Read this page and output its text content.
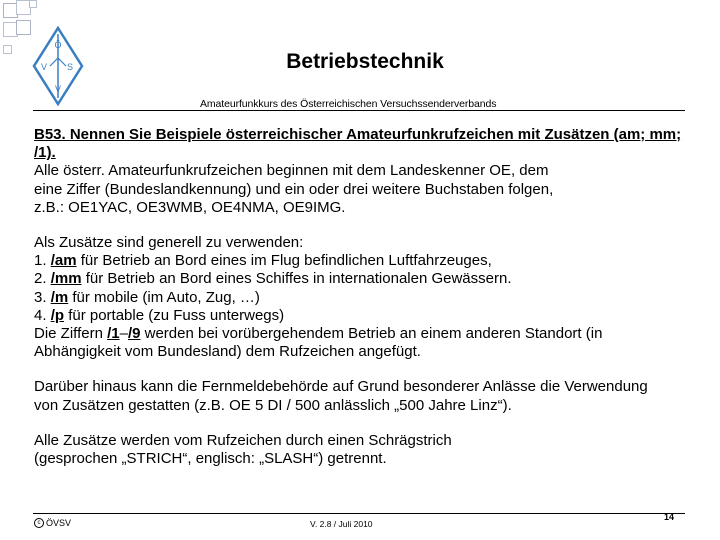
Ö
V S
V
Betriebstechnik
Amateurfunkkurs des Österreichischen Versuchssenderverbands

B53. Nennen Sie Beispiele österreichischer Amateurfunkrufzeichen mit Zusätzen (am; mm; /1).

Alle österr. Amateurfunkrufzeichen beginnen mit dem Landeskenner OE, dem

eine Ziffer (Bundeslandkennung) und ein oder drei weitere Buchstaben folgen,

z.B.: OE1YAC, OE3WMB, OE4NMA, OE9IMG.

Als Zusätze sind generell zu verwenden:

1. /am für Betrieb an Bord eines im Flug befindlichen Luftfahrzeuges,

2. /mm für Betrieb an Bord eines Schiffes in internationalen Gewässern.

3. /m für mobile (im Auto, Zug, …)

4. /p für portable (zu Fuss unterwegs)

Die Ziffern /1–/9 werden bei vorübergehendem Betrieb an einem anderen Standort (in

Abhängigkeit vom Bundesland) dem Rufzeichen angefügt.

Darüber hinaus kann die Fernmeldebehörde auf Grund besonderer Anlässe die Verwendung

von Zusätzen gestatten (z.B. OE 5 DI / 500 anlässlich „500 Jahre Linz“).

Alle Zusätze werden vom Rufzeichen durch einen Schrägstrich

(gesprochen „STRICH“, englisch: „SLASH“) getrennt.

c ÖVSV	V. 2.8 / Juli 2010
14
